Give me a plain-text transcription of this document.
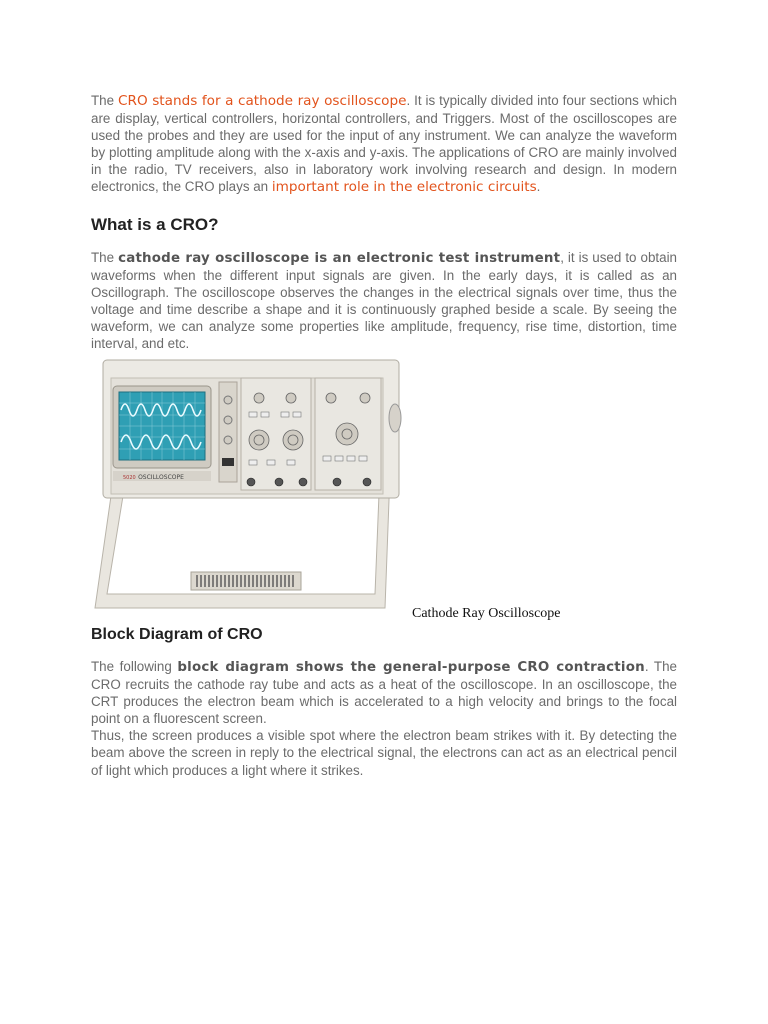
The CRO stands for a cathode ray oscilloscope. It is typically divided into four sections which are display, vertical controllers, horizontal controllers, and Triggers. Most of the oscilloscopes are used the probes and they are used for the input of any instrument. We can analyze the waveform by plotting amplitude along with the x-axis and y-axis. The applications of CRO are mainly involved in the radio, TV receivers, also in laboratory work involving research and design. In modern electronics, the CRO plays an important role in the electronic circuits.

What is a CRO?

The cathode ray oscilloscope is an electronic test instrument, it is used to obtain waveforms when the different input signals are given. In the early days, it is called as an Oscillograph. The oscilloscope observes the changes in the electrical signals over time, thus the voltage and time describe a shape and it is continuously graphed beside a scale. By seeing the waveform, we can analyze some properties like amplitude, frequency, rise time, distortion, time interval, and etc.

OSCILLOSCOPE
5020
Cathode Ray Oscilloscope
Block Diagram of CRO

The following block diagram shows the general-purpose CRO contraction. The CRO recruits the cathode ray tube and acts as a heat of the oscilloscope. In an oscilloscope, the CRT produces the electron beam which is accelerated to a high velocity and brings to the focal point on a fluorescent screen.

Thus, the screen produces a visible spot where the electron beam strikes with it. By detecting the beam above the screen in reply to the electrical signal, the electrons can act as an electrical pencil of light which produces a light where it strikes.
